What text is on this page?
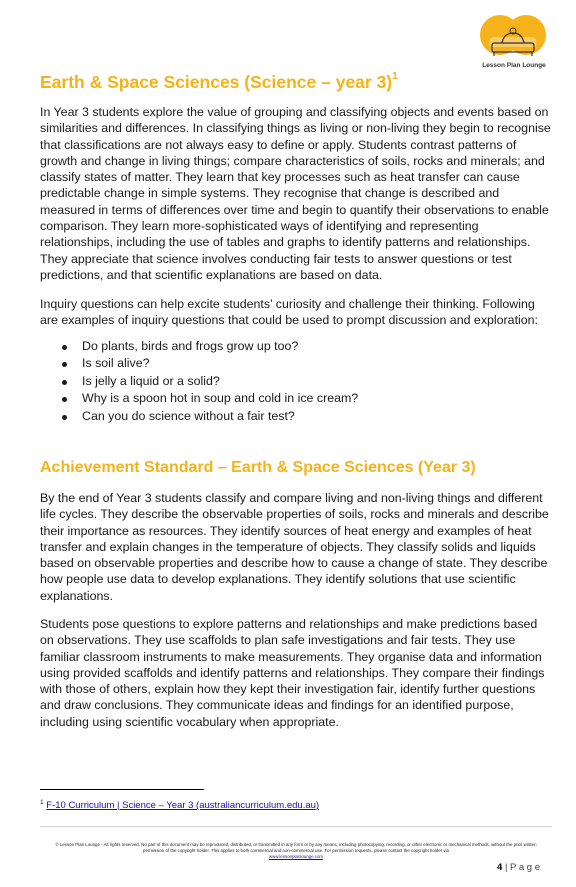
Lesson Plan Lounge
Earth & Space Sciences (Science – year 3)$^1$

In Year 3 students explore the value of grouping and classifying objects and events based on similarities and differences. In classifying things as living or non-living they begin to recognise that classifications are not always easy to define or apply. Students contrast patterns of growth and change in living things; compare characteristics of soils, rocks and minerals; and classify states of matter. They learn that key processes such as heat transfer can cause predictable change in simple systems. They recognise that change is described and measured in terms of differences over time and begin to quantify their observations to enable comparison. They learn more-sophisticated ways of identifying and representing relationships, including the use of tables and graphs to identify patterns and relationships. They appreciate that science involves conducting fair tests to answer questions or test predictions, and that scientific explanations are based on data.

Inquiry questions can help excite students’ curiosity and challenge their thinking. Following are examples of inquiry questions that could be used to prompt discussion and exploration:

Do plants, birds and frogs grow up too?
Is soil alive?
Is jelly a liquid or a solid?
Why is a spoon hot in soup and cold in ice cream?
Can you do science without a fair test?
Achievement Standard – Earth & Space Sciences (Year 3)

By the end of Year 3 students classify and compare living and non-living things and different life cycles. They describe the observable properties of soils, rocks and minerals and describe their importance as resources. They identify sources of heat energy and examples of heat transfer and explain changes in the temperature of objects. They classify solids and liquids based on observable properties and describe how to cause a change of state. They describe how people use data to develop explanations. They identify solutions that use scientific explanations.

Students pose questions to explore patterns and relationships and make predictions based on observations. They use scaffolds to plan safe investigations and fair tests. They use familiar classroom instruments to make measurements. They organise data and information using provided scaffolds and identify patterns and relationships. They compare their findings with those of others, explain how they kept their investigation fair, identify further questions and draw conclusions. They communicate ideas and findings for an identified purpose, including using scientific vocabulary when appropriate.

$^1$ F-10 Curriculum | Science – Year 3 (australiancurriculum.edu.au)
© Lesson Plan Lounge - All rights reserved. No part of this document may be reproduced, distributed, or transmitted in any form or by any means, including photocopying, recording, or other electronic or mechanical methods, without the prior written permission of the copyright holder. This applies to both commercial and non-commercial use. For permission requests, please contact the copyright holder via
www.lessonplanlounge.com
4 | P a g e
